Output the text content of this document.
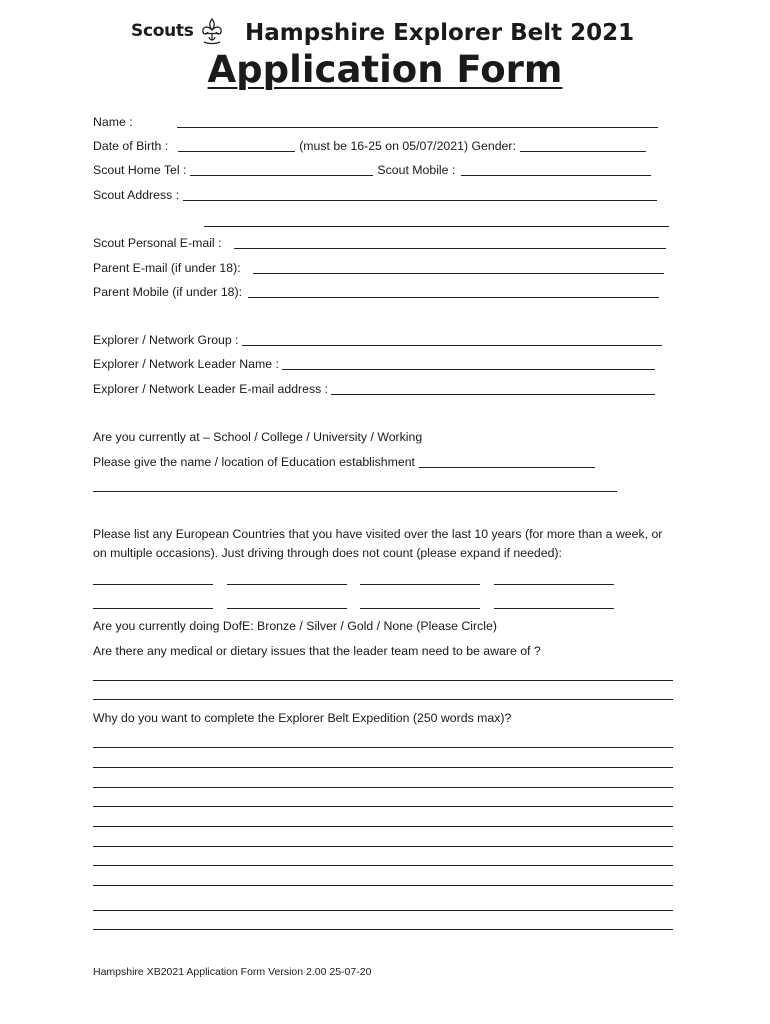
Scouts Hampshire Explorer Belt 2021
Application Form
Name :
Date of Birth :	(must be 16-25 on 05/07/2021) Gender:
Scout Home Tel :	Scout Mobile :
Scout Address :
Scout Personal E-mail :
Parent E-mail (if under 18):
Parent Mobile (if under 18):
Explorer / Network Group :
Explorer / Network Leader Name :
Explorer / Network Leader E-mail address :
Are you currently at – School / College / University / Working
Please give the name / location of Education establishment
Please list any European Countries that you have visited over the last 10 years (for more than a week, or on multiple occasions). Just driving through does not count (please expand if needed):
Are you currently doing DofE: Bronze / Silver / Gold / None (Please Circle)
Are there any medical or dietary issues that the leader team need to be aware of ?
Why do you want to complete the Explorer Belt Expedition (250 words max)?
Hampshire XB2021 Application Form Version 2.00 25-07-20
